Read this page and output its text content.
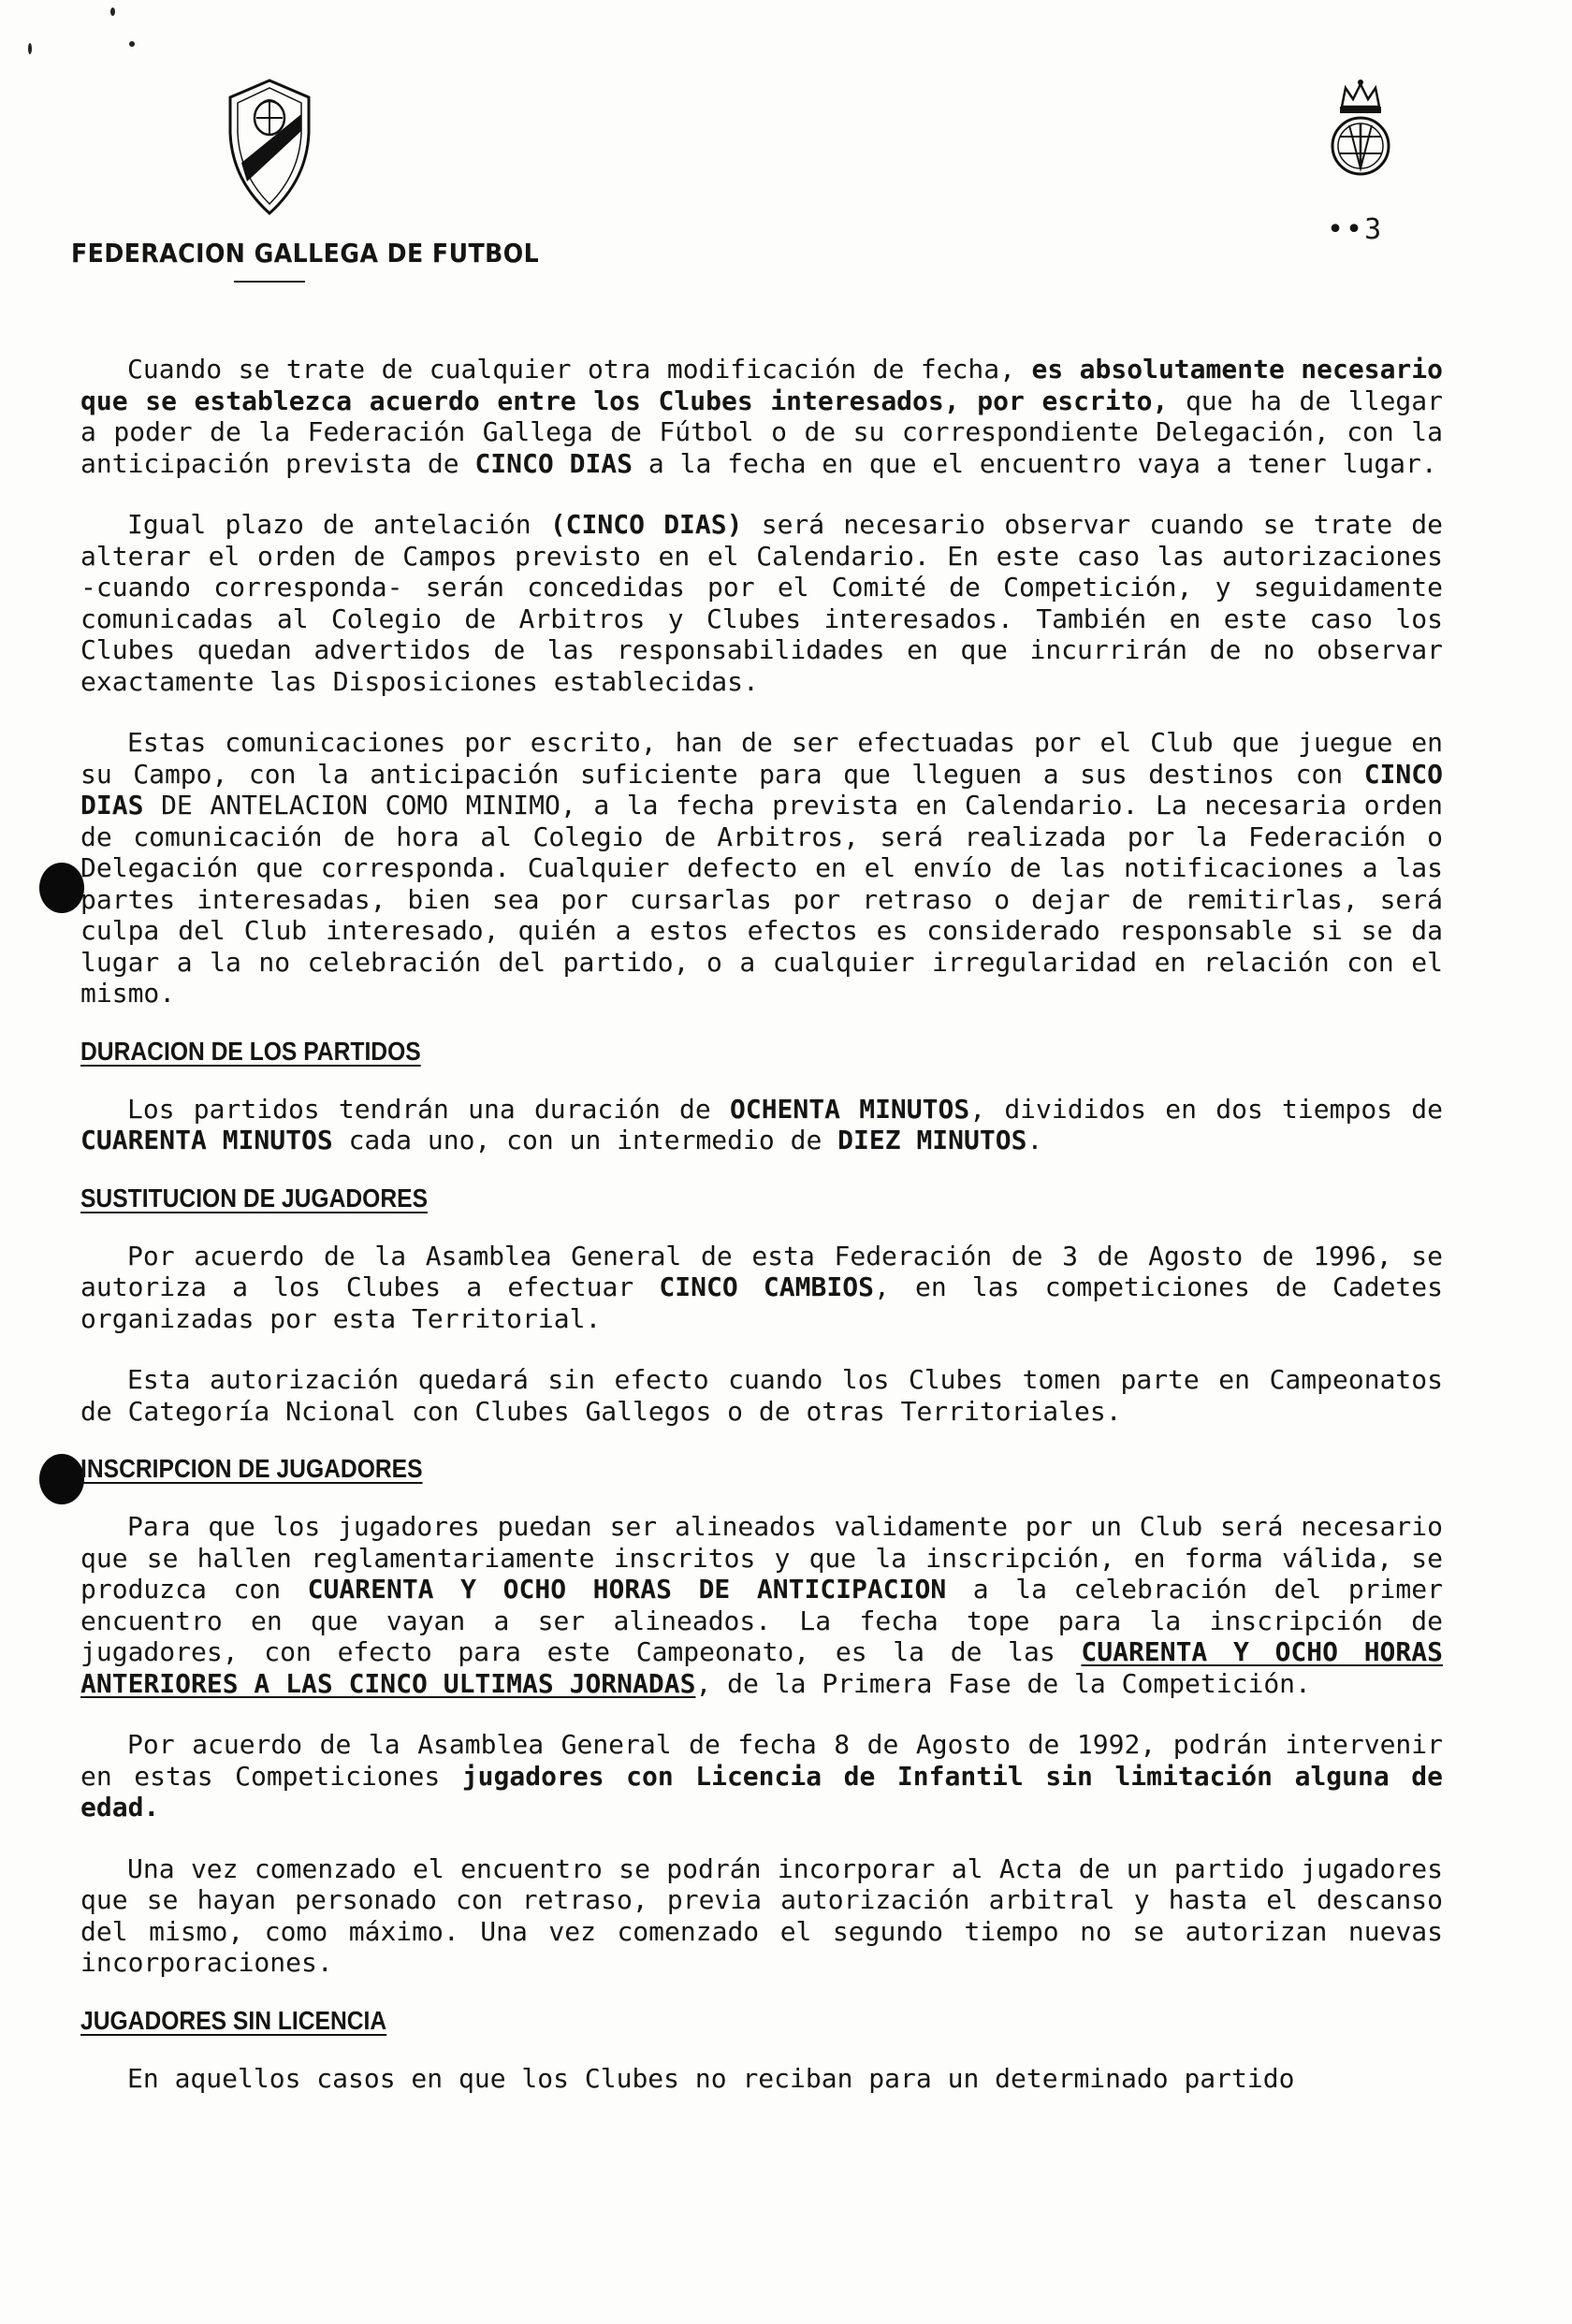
FEDERACION GALLEGA DE FUTBOL
••3

Cuando se trate de cualquier otra modificación de fecha, es absolutamente necesario que se establezca acuerdo entre los Clubes interesados, por escrito, que ha de llegar a poder de la Federación Gallega de Fútbol o de su correspondiente Delegación, con la anticipación prevista de CINCO DIAS a la fecha en que el encuentro vaya a tener lugar.

Igual plazo de antelación (CINCO DIAS) será necesario observar cuando se trate de alterar el orden de Campos previsto en el Calendario. En este caso las autorizaciones -cuando corresponda- serán concedidas por el Comité de Competición, y seguidamente comunicadas al Colegio de Arbitros y Clubes interesados. También en este caso los Clubes quedan advertidos de las responsabilidades en que incurrirán de no observar exactamente las Disposiciones establecidas.

Estas comunicaciones por escrito, han de ser efectuadas por el Club que juegue en su Campo, con la anticipación suficiente para que lleguen a sus destinos con CINCO DIAS DE ANTELACION COMO MINIMO, a la fecha prevista en Calendario. La necesaria orden de comunicación de hora al Colegio de Arbitros, será realizada por la Federación o Delegación que corresponda. Cualquier defecto en el envío de las notificaciones a las partes interesadas, bien sea por cursarlas por retraso o dejar de remitirlas, será culpa del Club interesado, quién a estos efectos es considerado responsable si se da lugar a la no celebración del partido, o a cualquier irregularidad en relación con el mismo.

DURACION DE LOS PARTIDOS

Los partidos tendrán una duración de OCHENTA MINUTOS, divididos en dos tiempos de CUARENTA MINUTOS cada uno, con un intermedio de DIEZ MINUTOS.

SUSTITUCION DE JUGADORES

Por acuerdo de la Asamblea General de esta Federación de 3 de Agosto de 1996, se autoriza a los Clubes a efectuar CINCO CAMBIOS, en las competiciones de Cadetes organizadas por esta Territorial.

Esta autorización quedará sin efecto cuando los Clubes tomen parte en Campeonatos de Categoría Ncional con Clubes Gallegos o de otras Territoriales.

INSCRIPCION DE JUGADORES

Para que los jugadores puedan ser alineados validamente por un Club será necesario que se hallen reglamentariamente inscritos y que la inscripción, en forma válida, se produzca con CUARENTA Y OCHO HORAS DE ANTICIPACION a la celebración del primer encuentro en que vayan a ser alineados. La fecha tope para la inscripción de jugadores, con efecto para este Campeonato, es la de las CUARENTA Y OCHO HORAS ANTERIORES A LAS CINCO ULTIMAS JORNADAS, de la Primera Fase de la Competición.

Por acuerdo de la Asamblea General de fecha 8 de Agosto de 1992, podrán intervenir en estas Competiciones jugadores con Licencia de Infantil sin limitación alguna de edad.

Una vez comenzado el encuentro se podrán incorporar al Acta de un partido jugadores que se hayan personado con retraso, previa autorización arbitral y hasta el descanso del mismo, como máximo. Una vez comenzado el segundo tiempo no se autorizan nuevas incorporaciones.

JUGADORES SIN LICENCIA

En aquellos casos en que los Clubes no reciban para un determinado partido
